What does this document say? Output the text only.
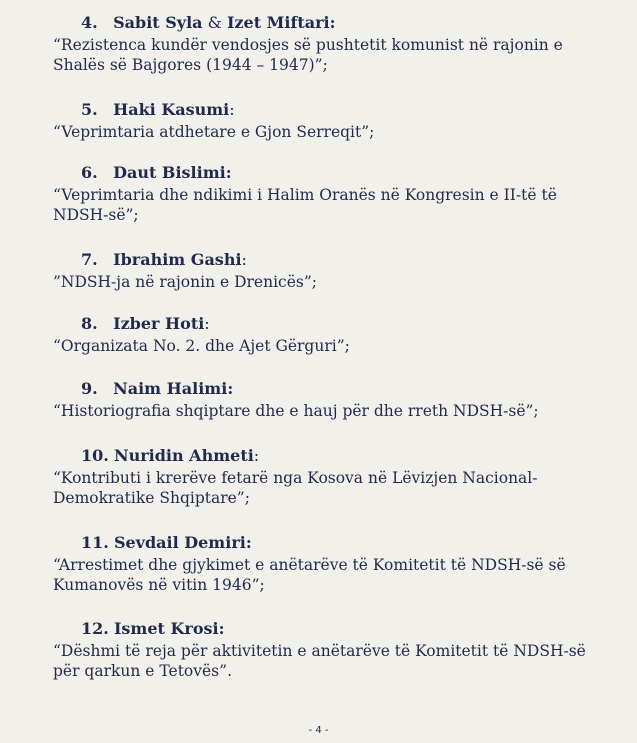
4. Sabit Syla & Izet Miftari:
“Rezistenca kundër vendosjes së pushtetit komunist në rajonin e
Shalës së Bajgores (1944 – 1947)”;
5. Haki Kasumi:
“Veprimtaria atdhetare e Gjon Serreqit”;
6. Daut Bislimi:
“Veprimtaria dhe ndikimi i Halim Oranës në Kongresin e II-të të
NDSH-së”;
7. Ibrahim Gashi:
”NDSH-ja në rajonin e Drenicës”;
8. Izber Hoti:
“Organizata No. 2. dhe Ajet Gërguri”;
9. Naim Halimi:
“Historiografia shqiptare dhe e hauj për dhe rreth NDSH-së”;
10. Nuridin Ahmeti:
“Kontributi i krerëve fetarë nga Kosova në Lëvizjen Nacional-
Demokratike Shqiptare”;
11. Sevdail Demiri:
“Arrestimet dhe gjykimet e anëtarëve të Komitetit të NDSH-së së
Kumanovës në vitin 1946”;
12. Ismet Krosi:
“Dëshmi të reja për aktivitetin e anëtarëve të Komitetit të NDSH-së
për qarkun e Tetovës”.
- 4 -
